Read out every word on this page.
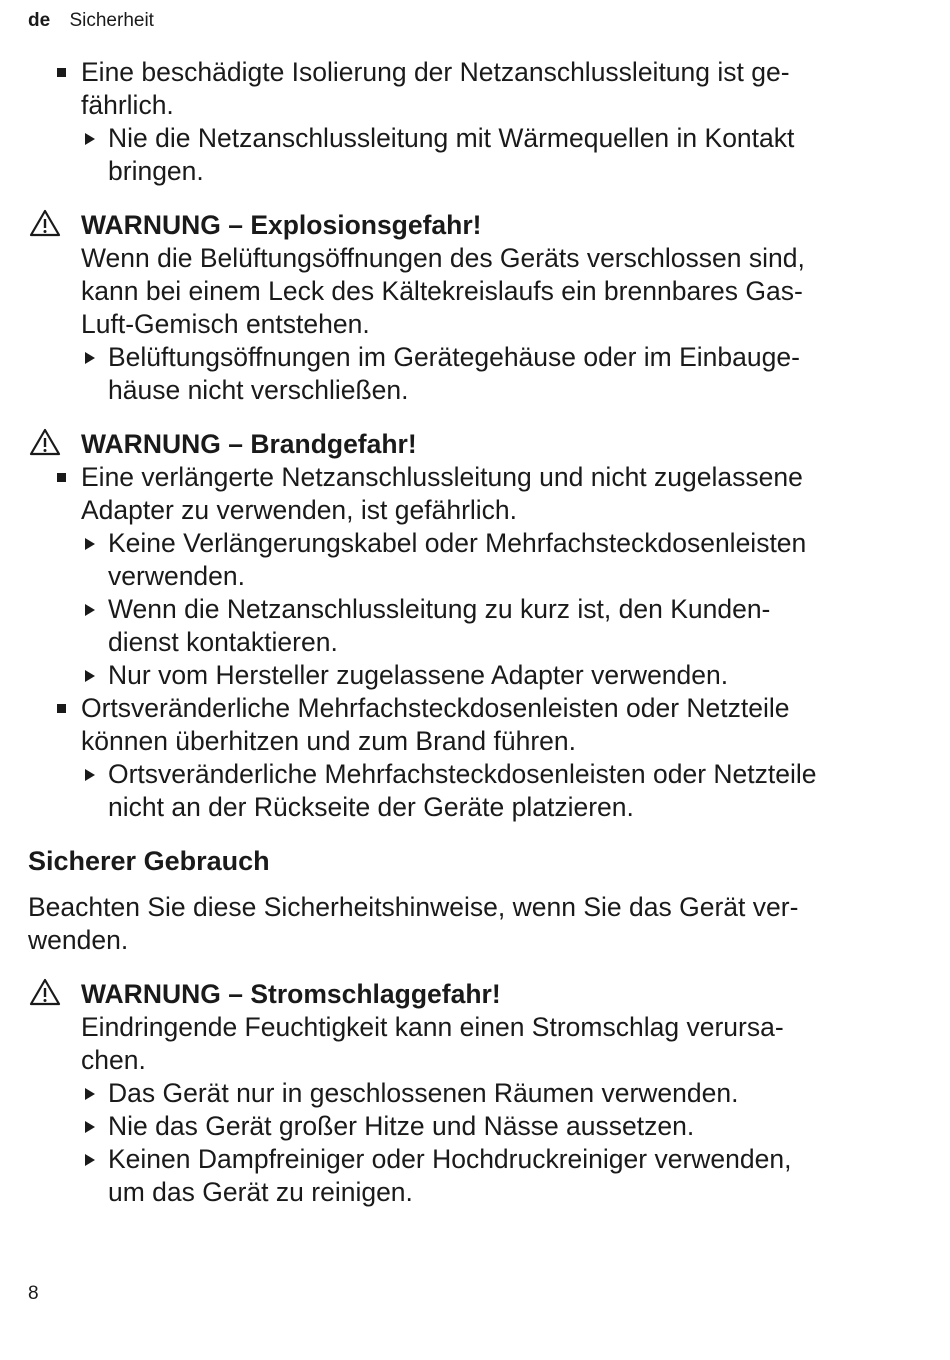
de Sicherheit
Eine beschädigte Isolierung der Netzanschlussleitung ist ge-
fährlich.
Nie die Netzanschlussleitung mit Wärmequellen in Kontakt
bringen.
WARNUNG – Explosionsgefahr!
Wenn die Belüftungsöffnungen des Geräts verschlossen sind,
kann bei einem Leck des Kältekreislaufs ein brennbares Gas-
Luft-Gemisch entstehen.
Belüftungsöffnungen im Gerätegehäuse oder im Einbauge-
häuse nicht verschließen.
WARNUNG – Brandgefahr!
Eine verlängerte Netzanschlussleitung und nicht zugelassene
Adapter zu verwenden, ist gefährlich.
Keine Verlängerungskabel oder Mehrfachsteckdosenleisten
verwenden.
Wenn die Netzanschlussleitung zu kurz ist, den Kunden-
dienst kontaktieren.
Nur vom Hersteller zugelassene Adapter verwenden.
Ortsveränderliche Mehrfachsteckdosenleisten oder Netzteile
können überhitzen und zum Brand führen.
Ortsveränderliche Mehrfachsteckdosenleisten oder Netzteile
nicht an der Rückseite der Geräte platzieren.
Sicherer Gebrauch
Beachten Sie diese Sicherheitshinweise, wenn Sie das Gerät ver-
wenden.
WARNUNG – Stromschlaggefahr!
Eindringende Feuchtigkeit kann einen Stromschlag verursa-
chen.
Das Gerät nur in geschlossenen Räumen verwenden.
Nie das Gerät großer Hitze und Nässe aussetzen.
Keinen Dampfreiniger oder Hochdruckreiniger verwenden,
um das Gerät zu reinigen.
8
